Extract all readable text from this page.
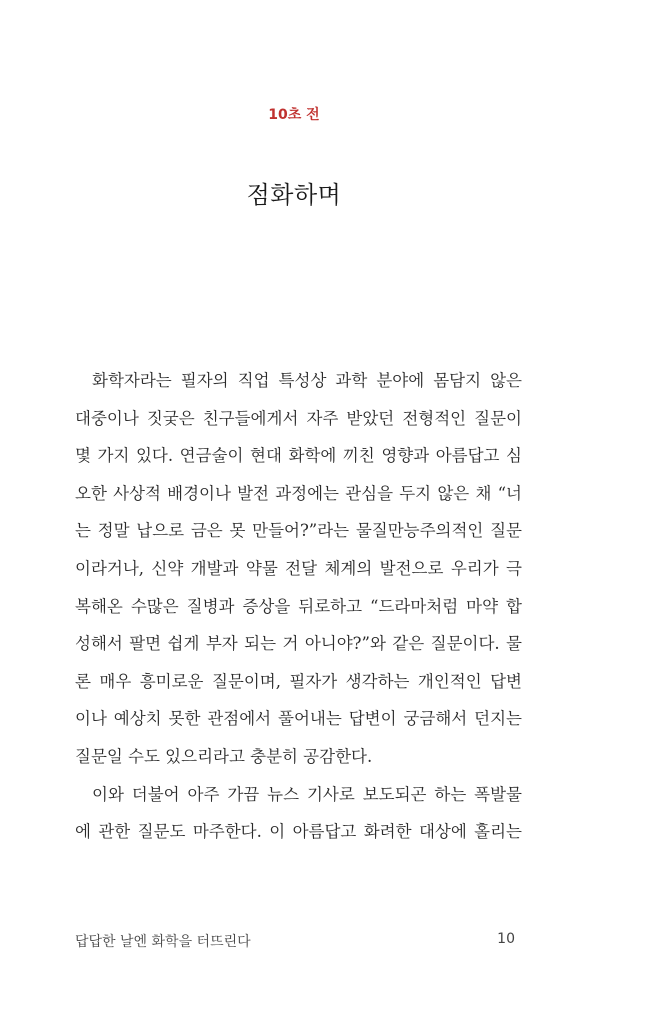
10초 전
점화하며
화학자라는 필자의 직업 특성상 과학 분야에 몸담지 않은
대중이나 짓궂은 친구들에게서 자주 받았던 전형적인 질문이
몇 가지 있다. 연금술이 현대 화학에 끼친 영향과 아름답고 심
오한 사상적 배경이나 발전 과정에는 관심을 두지 않은 채 “너
는 정말 납으로 금은 못 만들어?”라는 물질만능주의적인 질문
이라거나, 신약 개발과 약물 전달 체계의 발전으로 우리가 극
복해온 수많은 질병과 증상을 뒤로하고 “드라마처럼 마약 합
성해서 팔면 쉽게 부자 되는 거 아니야?”와 같은 질문이다. 물
론 매우 흥미로운 질문이며, 필자가 생각하는 개인적인 답변
이나 예상치 못한 관점에서 풀어내는 답변이 궁금해서 던지는
질문일 수도 있으리라고 충분히 공감한다.
이와 더불어 아주 가끔 뉴스 기사로 보도되곤 하는 폭발물
에 관한 질문도 마주한다. 이 아름답고 화려한 대상에 홀리는
답답한 날엔 화학을 터뜨린다	10
